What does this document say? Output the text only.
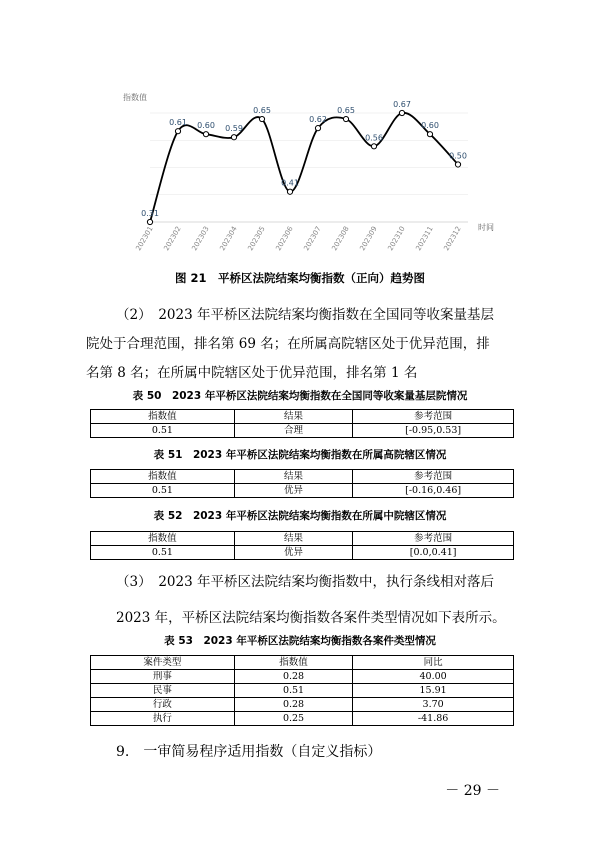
指数值
时间
0.31
0.61 0.60 0.59
0.65
0.41
0.62
0.65
0.56
0.67
0.60
0.50
202301 202302 202303 202304 202305 202306 202307 202308 202309 202310 202311 202312
图 21　平桥区法院结案均衡指数（正向）趋势图
（2）　2023 年平桥区法院结案均衡指数在全国同等收案量基层
院处于合理范围，排名第 69 名；在所属高院辖区处于优异范围，排
名第 8 名；在所属中院辖区处于优异范围，排名第 1 名
表 50　2023 年平桥区法院结案均衡指数在全国同等收案量基层院情况
指数值	结果	参考范围
0.51	合理	[-0.95,0.53]
表 51　2023 年平桥区法院结案均衡指数在所属高院辖区情况
指数值	结果	参考范围
0.51	优异	[-0.16,0.46]
表 52　2023 年平桥区法院结案均衡指数在所属中院辖区情况
指数值	结果	参考范围
0.51	优异	[0.0,0.41]
（3）　2023 年平桥区法院结案均衡指数中，执行条线相对落后
2023 年，平桥区法院结案均衡指数各案件类型情况如下表所示。
表 53　2023 年平桥区法院结案均衡指数各案件类型情况
案件类型	指数值	同比
刑事	0.28	40.00
民事	0.51	15.91
行政	0.28	3.70
执行	0.25	-41.86
9.　一审简易程序适用指数（自定义指标）
－ 29 －
